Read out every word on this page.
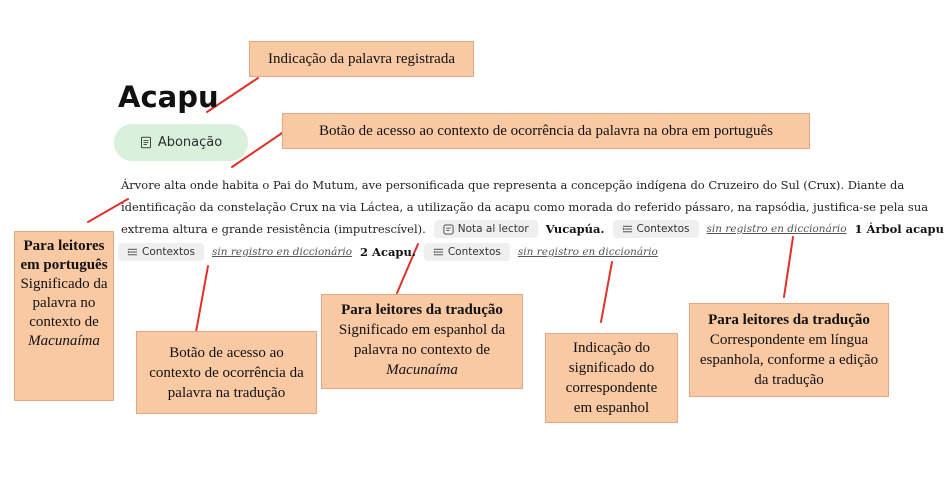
Acapu
Abonação
Árvore alta onde habita o Pai do Mutum, ave personificada que representa a concepção indígena do Cruzeiro do Sul (Crux). Diante da
identificação da constelação Crux na via Láctea, a utilização da acapu como morada do referido pássaro, na rapsódia, justifica-se pela sua
extrema altura e grande resistência (imputrescível).	Nota al lector Vucapúa.	Contextos sin registro en diccionário 1 Árbol acapu
Contextos sin registro en diccionário 2 Acapu.	Contextos sin registro en diccionário
Indicação da palavra registrada
Botão de acesso ao contexto de ocorrência da palavra na obra em português
Para leitores em português
Significado da palavra no contexto de
Macunaíma
Botão de acesso ao contexto de ocorrência da palavra na tradução
Para leitores da tradução
Significado em espanhol da palavra no contexto de
Macunaíma
Indicação do significado do correspondente em espanhol
Para leitores da tradução
Correspondente em língua espanhola, conforme a edição da tradução
